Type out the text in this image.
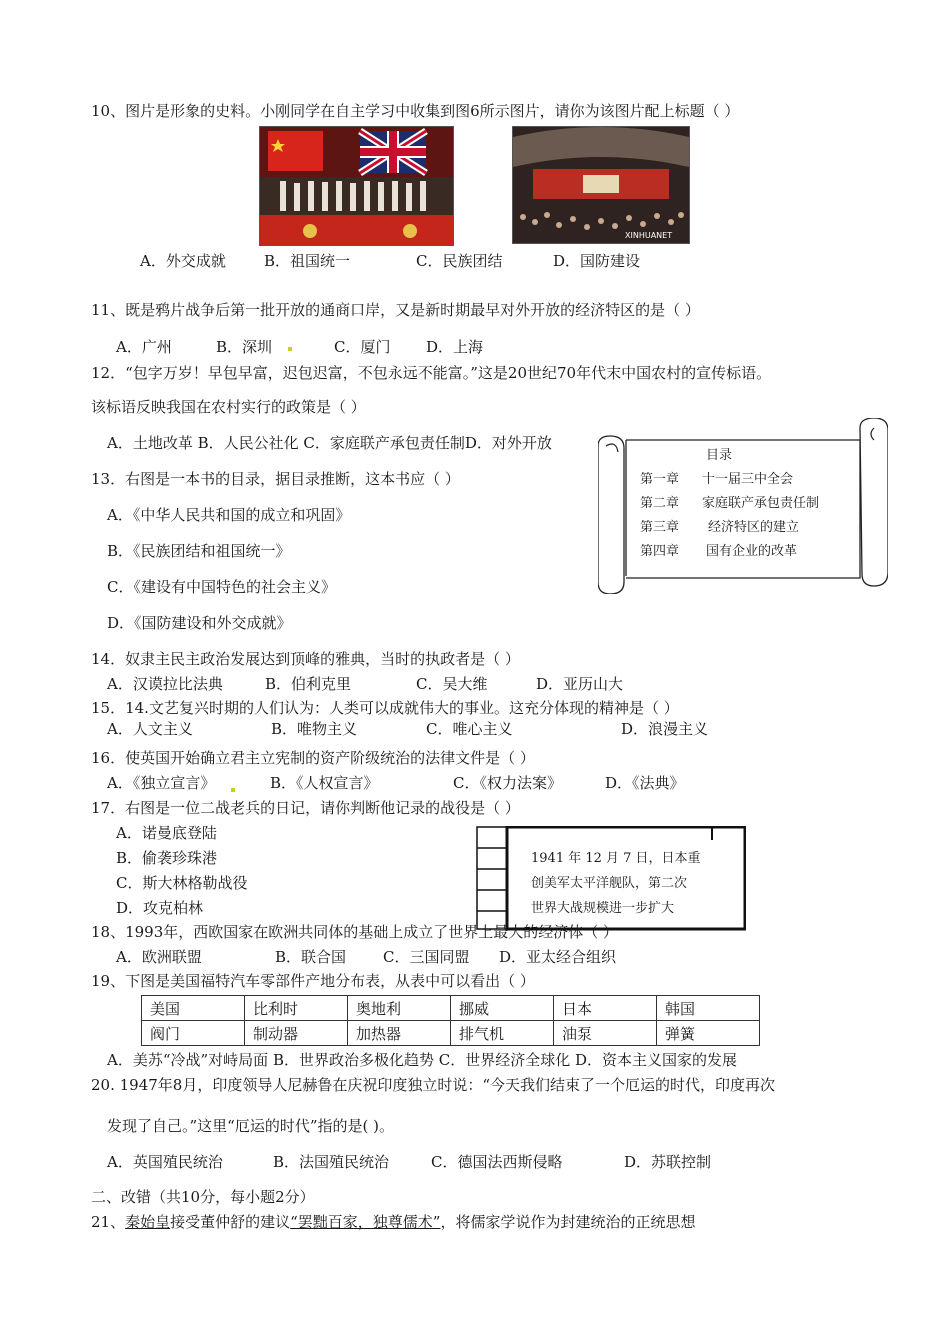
10、图片是形象的史料。小刚同学在自主学习中收集到图6所示图片，请你为该图片配上标题（ ）
XINHUANET
A．外交成就	B．祖国统一	C．民族团结	D．国防建设
11、既是鸦片战争后第一批开放的通商口岸，又是新时期最早对外开放的经济特区的是（ ）
A．广州	B．深圳	C．厦门 D．上海
12．“包字万岁！早包早富，迟包迟富，不包永远不能富。”这是20世纪70年代末中国农村的宣传标语。
该标语反映我国在农村实行的政策是（ ）
A．土地改革 B．人民公社化 C．家庭联产承包责任制D．对外开放
目录
第一章 十一届三中全会
第二章 家庭联产承包责任制
第三章 经济特区的建立
第四章 国有企业的改革
13．右图是一本书的目录，据目录推断，这本书应（ ）
A．《中华人民共和国的成立和巩固》
B．《民族团结和祖国统一》
C．《建设有中国特色的社会主义》
D．《国防建设和外交成就》
14．奴隶主民主政治发展达到顶峰的雅典，当时的执政者是（ ）
A．汉谟拉比法典	B．伯利克里	C．吴大维	D．亚历山大
15．14.文艺复兴时期的人们认为：人类可以成就伟大的事业。这充分体现的精神是（ ）
A．人文主义	B．唯物主义	C．唯心主义	D．浪漫主义
16．使英国开始确立君主立宪制的资产阶级统治的法律文件是（ ）
A．《独立宣言》	B．《人权宣言》	C．《权力法案》	D．《法典》
17．右图是一位二战老兵的日记，请你判断他记录的战役是（ ）
A．诺曼底登陆
B．偷袭珍珠港
C．斯大林格勒战役
D．攻克柏林
1941 年 12 月 7 日，日本重
创美军太平洋舰队，第二次
世界大战规模进一步扩大
18、1993年，西欧国家在欧洲共同体的基础上成立了世界上最大的经济体（ ）
A．欧洲联盟	B．联合国 C．三国同盟 D．亚太经合组织
19、下图是美国福特汽车零部件产地分布表，从表中可以看出（ ）
美国	比利时	奥地利	挪威	日本	韩国
阀门	制动器	加热器	排气机	油泵	弹簧
A．美苏“冷战”对峙局面 B．世界政治多极化趋势 C．世界经济全球化 D．资本主义国家的发展
20. 1947年8月，印度领导人尼赫鲁在庆祝印度独立时说：“今天我们结束了一个厄运的时代，印度再次
发现了自己。”这里“厄运的时代”指的是( )。
A．英国殖民统治	B．法国殖民统治	C．德国法西斯侵略	D．苏联控制
二、改错（共10分，每小题2分）
21、秦始皇接受董仲舒的建议“罢黜百家，独尊儒术”，将儒家学说作为封建统治的正统思想
